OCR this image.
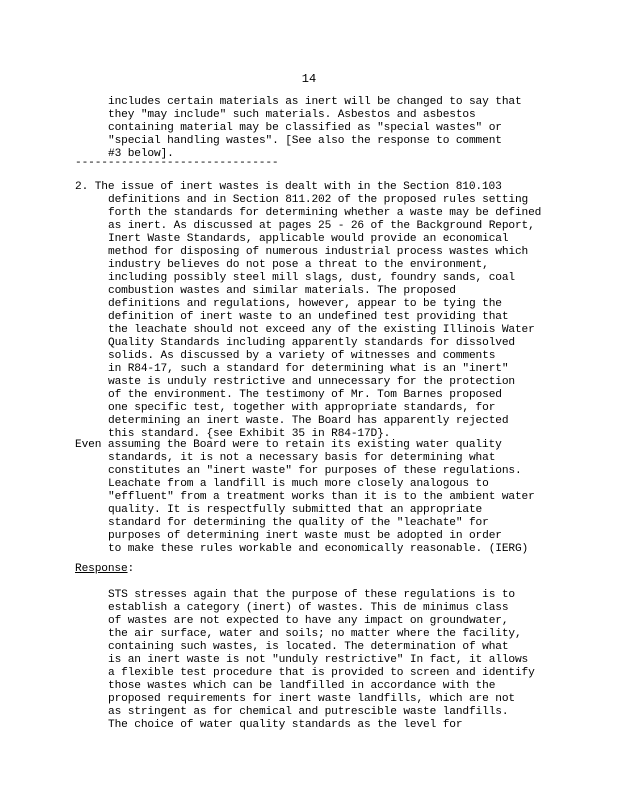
14
includes certain materials as inert will be changed to say that
they "may include" such materials. Asbestos and asbestos
containing material may be classified as "special wastes" or
"special handling wastes". [See also the response to comment
#3 below].
-------------------------------
2. The issue of inert wastes is dealt with in the Section 810.103
definitions and in Section 811.202 of the proposed rules setting
forth the standards for determining whether a waste may be defined
as inert. As discussed at pages 25 - 26 of the Background Report,
Inert Waste Standards, applicable would provide an economical
method for disposing of numerous industrial process wastes which
industry believes do not pose a threat to the environment,
including possibly steel mill slags, dust, foundry sands, coal
combustion wastes and similar materials. The proposed
definitions and regulations, however, appear to be tying the
definition of inert waste to an undefined test providing that
the leachate should not exceed any of the existing Illinois Water
Quality Standards including apparently standards for dissolved
solids. As discussed by a variety of witnesses and comments
in R84-17, such a standard for determining what is an "inert"
waste is unduly restrictive and unnecessary for the protection
of the environment. The testimony of Mr. Tom Barnes proposed
one specific test, together with appropriate standards, for
determining an inert waste. The Board has apparently rejected
this standard. {see Exhibit 35 in R84-17D}.
Even assuming the Board were to retain its existing water quality
standards, it is not a necessary basis for determining what
constitutes an "inert waste" for purposes of these regulations.
Leachate from a landfill is much more closely analogous to
"effluent" from a treatment works than it is to the ambient water
quality. It is respectfully submitted that an appropriate
standard for determining the quality of the "leachate" for
purposes of determining inert waste must be adopted in order
to make these rules workable and economically reasonable. (IERG)
Response:
STS stresses again that the purpose of these regulations is to
establish a category (inert) of wastes. This de minimus class
of wastes are not expected to have any impact on groundwater,
the air surface, water and soils; no matter where the facility,
containing such wastes, is located. The determination of what
is an inert waste is not "unduly restrictive" In fact, it allows
a flexible test procedure that is provided to screen and identify
those wastes which can be landfilled in accordance with the
proposed requirements for inert waste landfills, which are not
as stringent as for chemical and putrescible waste landfills.
The choice of water quality standards as the level for
